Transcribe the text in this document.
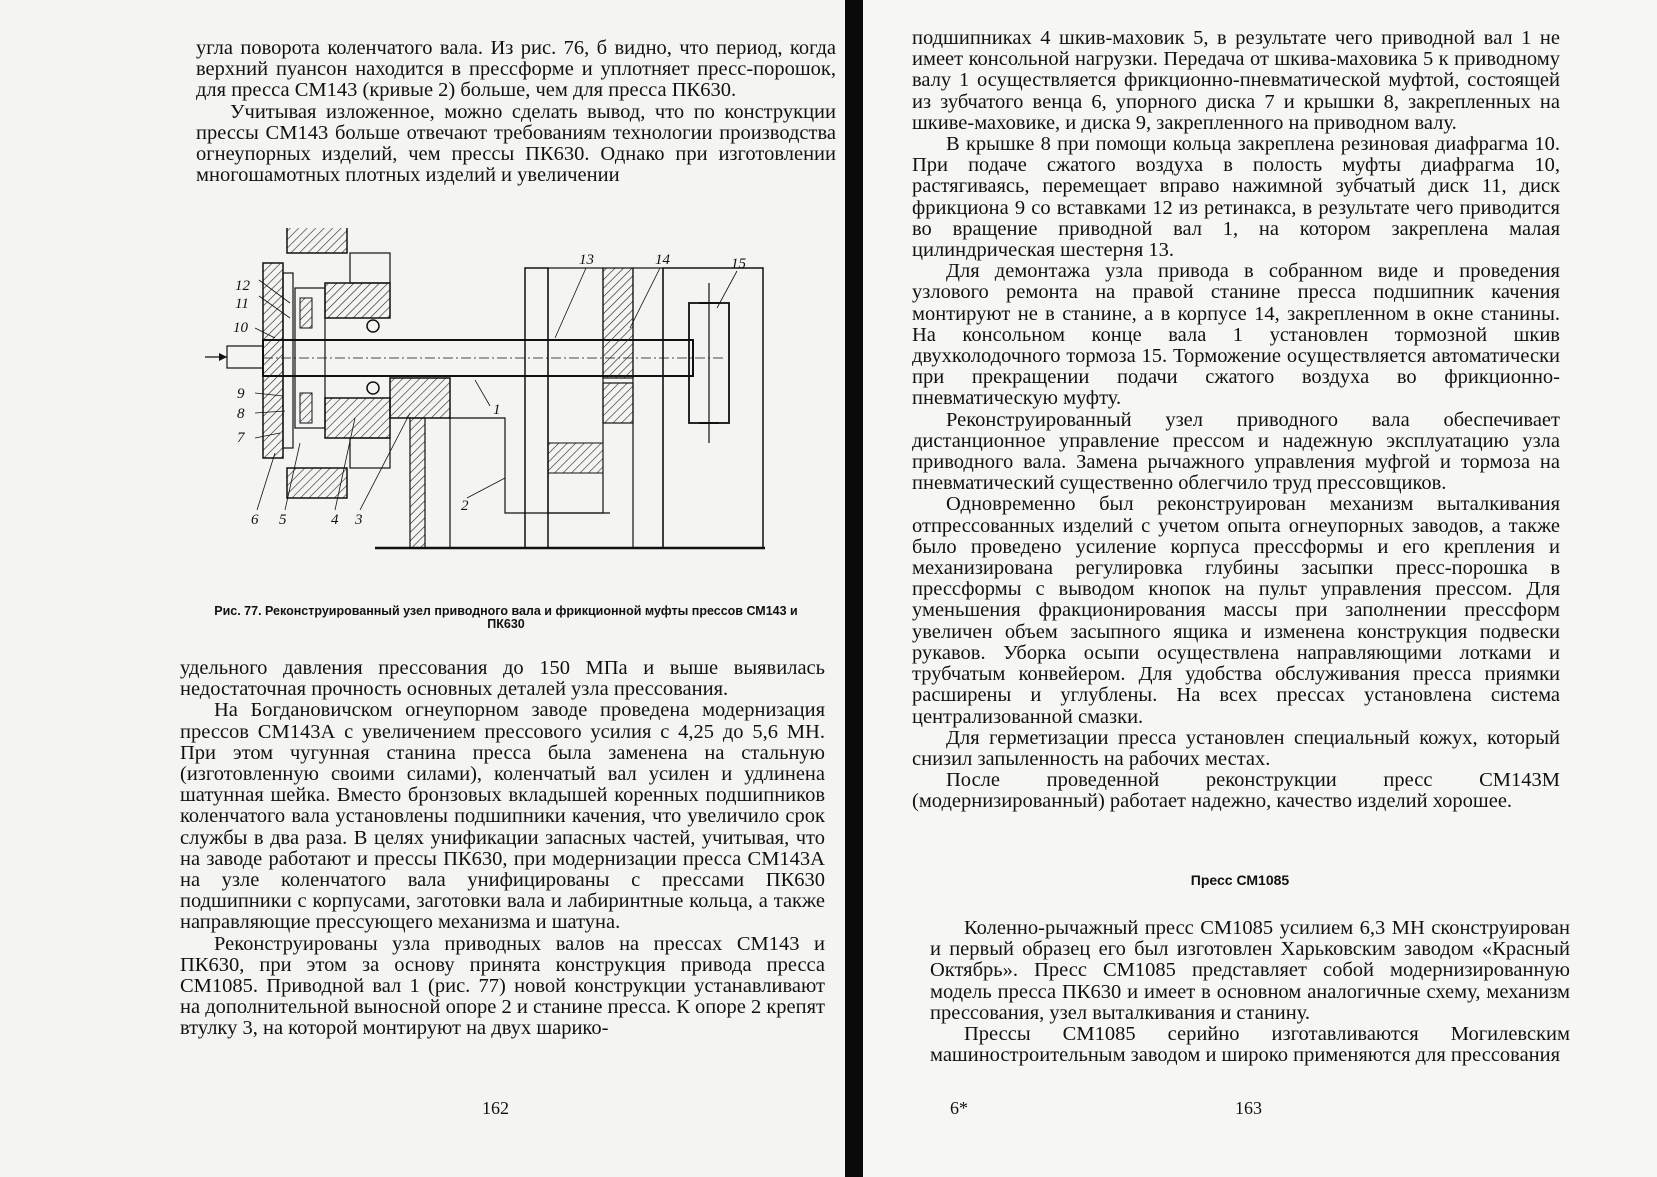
угла поворота коленчатого вала. Из рис. 76, б видно, что период, когда верхний пуансон находится в прессформе и уплотняет пресс-порошок, для пресса СМ143 (кривые 2) больше, чем для пресса ПК630.

Учитывая изложенное, можно сделать вывод, что по конструкции прессы СМ143 больше отвечают требованиям технологии производства огнеупорных изделий, чем прессы ПК630. Однако при изготовлении многошамотных плотных изделий и увеличении

12
11
10
9
8
7
6 5	4 3
2
1
13	14	15
Рис. 77. Реконструированный узел приводного вала и фрикционной муфты прессов СМ143 и ПК630

удельного давления прессования до 150 МПа и выше выявилась недостаточная прочность основных деталей узла прессования.

На Богдановичском огнеупорном заводе проведена модернизация прессов СМ143А с увеличением прессового усилия с 4,25 до 5,6 МН. При этом чугунная станина пресса была заменена на стальную (изготовленную своими силами), коленчатый вал усилен и удлинена шатунная шейка. Вместо бронзовых вкладышей коренных подшипников коленчатого вала установлены подшипники качения, что увеличило срок службы в два раза. В целях унификации запасных частей, учитывая, что на заводе работают и прессы ПК630, при модернизации пресса СМ143А на узле коленчатого вала унифицированы с прессами ПК630 подшипники с корпусами, заготовки вала и лабиринтные кольца, а также направляющие прессующего механизма и шатуна.

Реконструированы узла приводных валов на прессах СМ143 и ПК630, при этом за основу принята конструкция привода пресса СМ1085. Приводной вал 1 (рис. 77) новой конструкции устанавливают на дополнительной выносной опоре 2 и станине пресса. К опоре 2 крепят втулку 3, на которой монтируют на двух шарико-

162

подшипниках 4 шкив-маховик 5, в результате чего приводной вал 1 не имеет консольной нагрузки. Передача от шкива-маховика 5 к приводному валу 1 осуществляется фрикционно-пневматической муфтой, состоящей из зубчатого венца 6, упорного диска 7 и крышки 8, закрепленных на шкиве-маховике, и диска 9, закрепленного на приводном валу.

В крышке 8 при помощи кольца закреплена резиновая диафрагма 10. При подаче сжатого воздуха в полость муфты диафрагма 10, растягиваясь, перемещает вправо нажимной зубчатый диск 11, диск фрикциона 9 со вставками 12 из ретинакса, в результате чего приводится во вращение приводной вал 1, на котором закреплена малая цилиндрическая шестерня 13.

Для демонтажа узла привода в собранном виде и проведения узлового ремонта на правой станине пресса подшипник качения монтируют не в станине, а в корпусе 14, закрепленном в окне станины. На консольном конце вала 1 установлен тормозной шкив двухколодочного тормоза 15. Торможение осуществляется автоматически при прекращении подачи сжатого воздуха во фрикционно-пневматическую муфту.

Реконструированный узел приводного вала обеспечивает дистанционное управление прессом и надежную эксплуатацию узла приводного вала. Замена рычажного управления муфгой и тормоза на пневматический существенно облегчило труд прессовщиков.

Одновременно был реконструирован механизм выталкивания отпрессованных изделий с учетом опыта огнеупорных заводов, а также было проведено усиление корпуса прессформы и его крепления и механизирована регулировка глубины засыпки пресс-порошка в прессформы с выводом кнопок на пульт управления прессом. Для уменьшения фракционирования массы при заполнении прессформ увеличен объем засыпного ящика и изменена конструкция подвески рукавов. Уборка осыпи осуществлена направляющими лотками и трубчатым конвейером. Для удобства обслуживания пресса приямки расширены и углублены. На всех прессах установлена система централизованной смазки.

Для герметизации пресса установлен специальный кожух, который снизил запыленность на рабочих местах.

После проведенной реконструкции пресс СМ143М (модернизированный) работает надежно, качество изделий хорошее.

Пресс СМ1085

Коленно-рычажный пресс СМ1085 усилием 6,3 МН сконструирован и первый образец его был изготовлен Харьковским заводом «Красный Октябрь». Пресс СМ1085 представляет собой модернизированную модель пресса ПК630 и имеет в основном аналогичные схему, механизм прессования, узел выталкивания и станину.

Прессы СМ1085 серийно изготавливаются Могилевским машиностроительным заводом и широко применяются для прессования

6*	163
